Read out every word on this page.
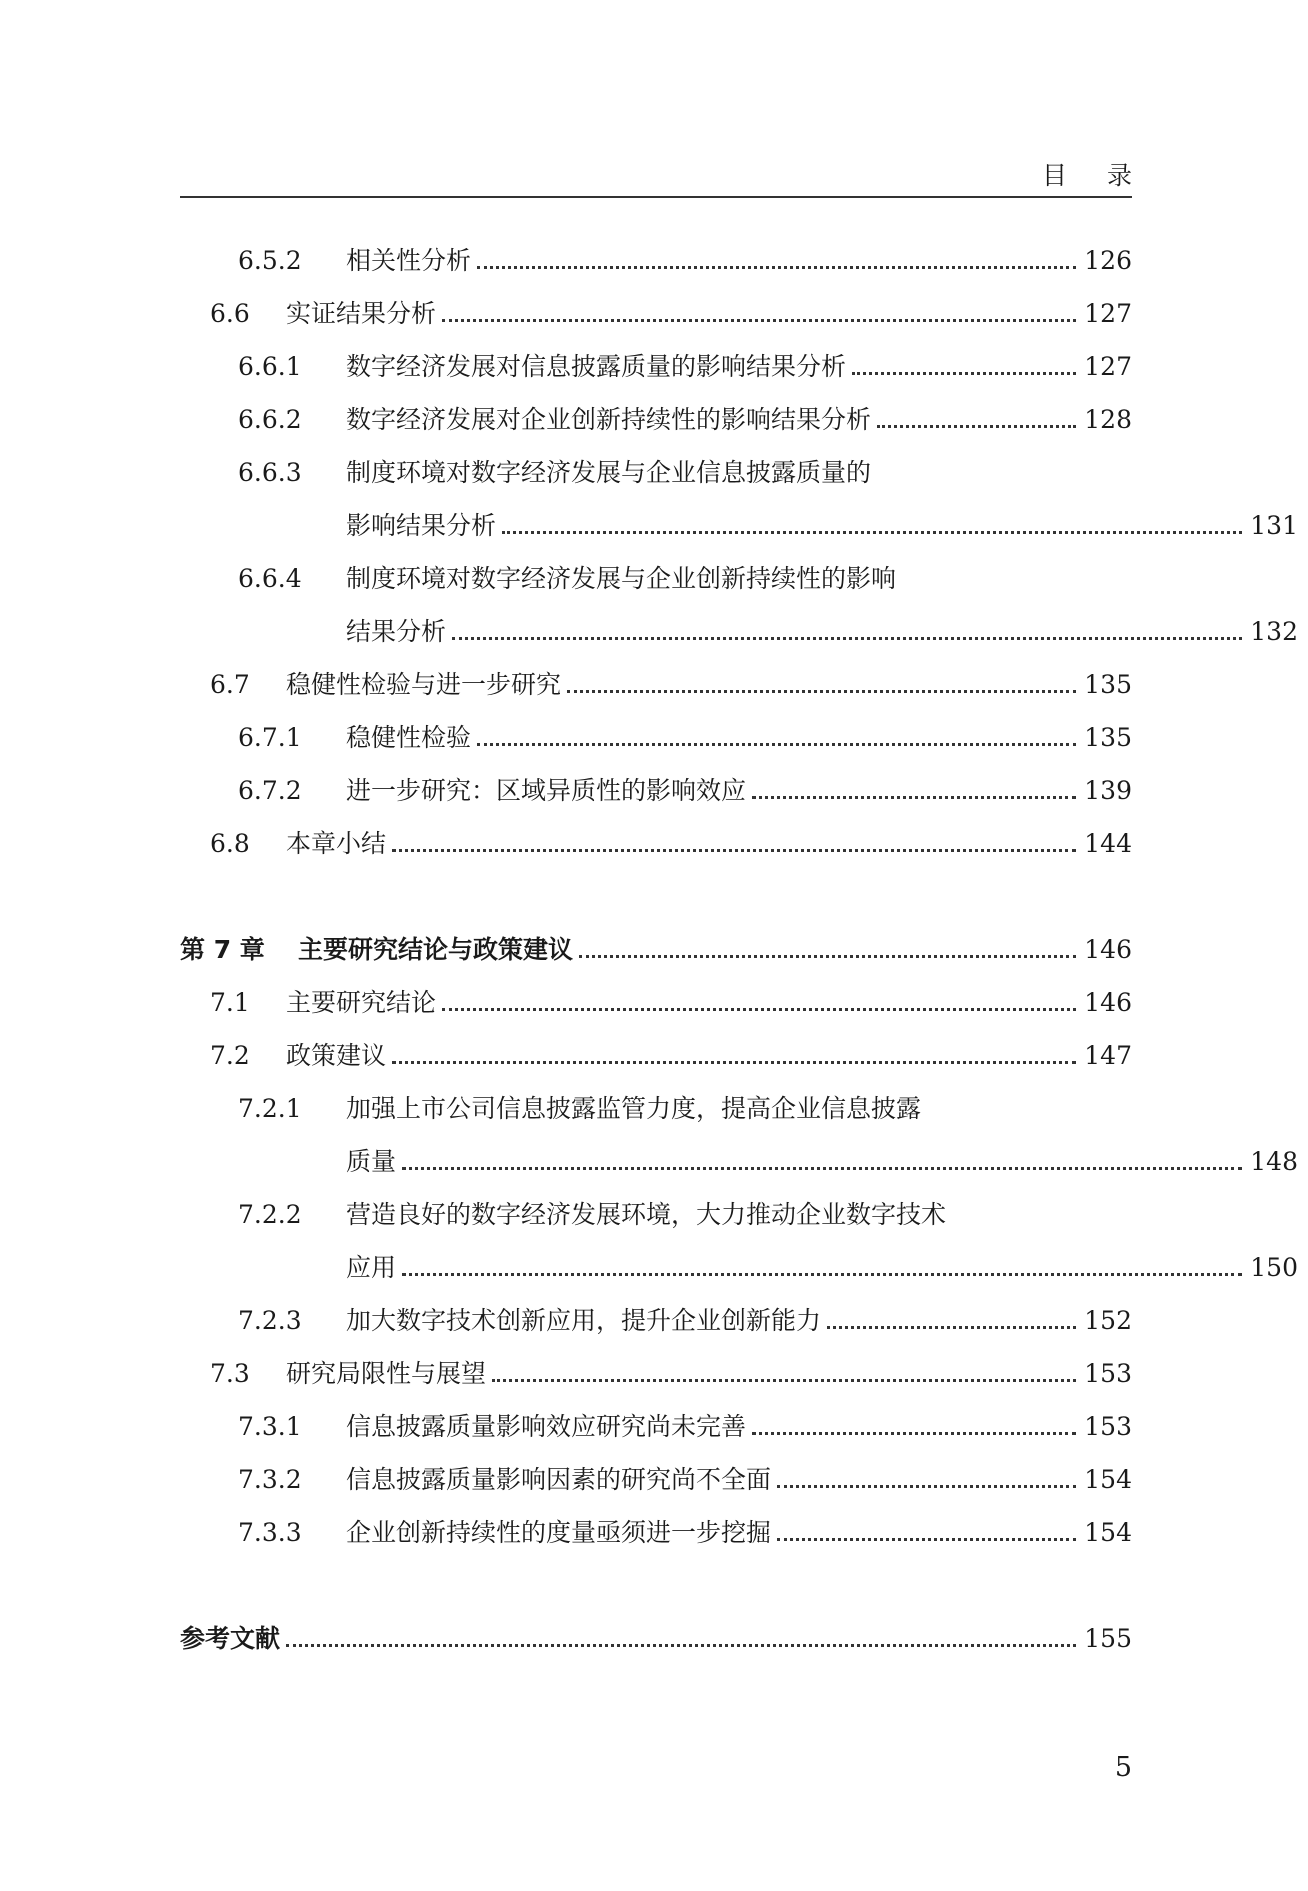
目录
6.5.2	相关性分析	126
6.6	实证结果分析	127
6.6.1	数字经济发展对信息披露质量的影响结果分析	127
6.6.2	数字经济发展对企业创新持续性的影响结果分析	128
6.6.3	制度环境对数字经济发展与企业信息披露质量的
影响结果分析	131
6.6.4	制度环境对数字经济发展与企业创新持续性的影响
结果分析	132
6.7	稳健性检验与进一步研究	135
6.7.1	稳健性检验	135
6.7.2	进一步研究：区域异质性的影响效应	139
6.8	本章小结	144
第 7 章	主要研究结论与政策建议	146
7.1	主要研究结论	146
7.2	政策建议	147
7.2.1	加强上市公司信息披露监管力度，提高企业信息披露
质量	148
7.2.2	营造良好的数字经济发展环境，大力推动企业数字技术
应用	150
7.2.3	加大数字技术创新应用，提升企业创新能力	152
7.3	研究局限性与展望	153
7.3.1	信息披露质量影响效应研究尚未完善	153
7.3.2	信息披露质量影响因素的研究尚不全面	154
7.3.3	企业创新持续性的度量亟须进一步挖掘	154
参考文献	155
5
